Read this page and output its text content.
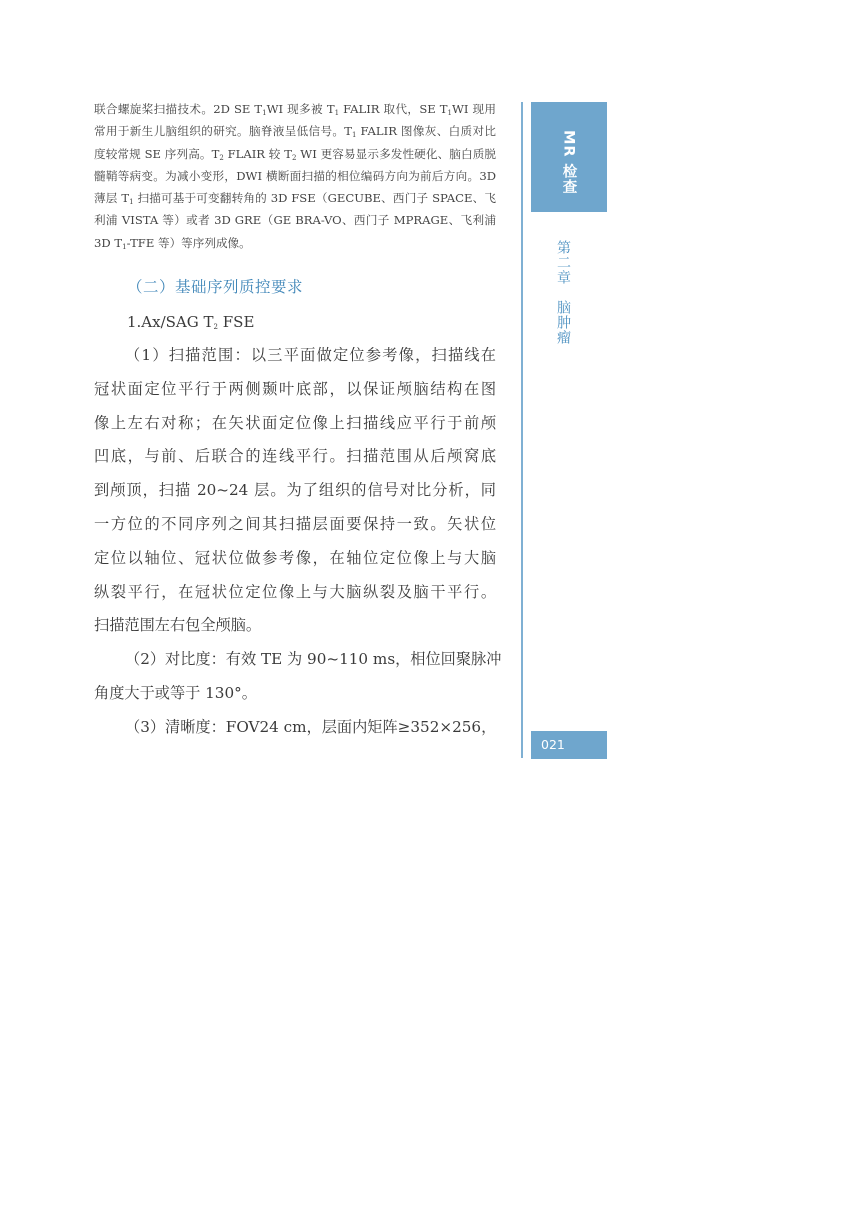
联合螺旋桨扫描技术。2D SE $T_1WI$ 现多被 $T_1$ FALIR 取代，SE $T_1WI$ 现用常用于新生儿脑组织的研究。脑脊液呈低信号。$T_1$ FALIR 图像灰、白质对比度较常规 SE 序列高。$T_2$ FLAIR 较 $T_2$ WI 更容易显示多发性硬化、脑白质脱髓鞘等病变。为减小变形，DWI 横断面扫描的相位编码方向为前后方向。3D 薄层 $T_1$ 扫描可基于可变翻转角的 3D FSE（GECUBE、西门子 SPACE、飞利浦 VISTA 等）或者 3D GRE（GE BRA-VO、西门子 MPRAGE、飞利浦 3D $T_1$-TFE 等）等序列成像。
（二）基础序列质控要求
1.Ax/SAG $T_2$ FSE
（1）扫描范围：以三平面做定位参考像，扫描线在
冠状面定位平行于两侧颞叶底部，以保证颅脑结构在图
像上左右对称；在矢状面定位像上扫描线应平行于前颅
凹底，与前、后联合的连线平行。扫描范围从后颅窝底
到颅顶，扫描 20~24 层。为了组织的信号对比分析，同
一方位的不同序列之间其扫描层面要保持一致。矢状位
定位以轴位、冠状位做参考像，在轴位定位像上与大脑
纵裂平行，在冠状位定位像上与大脑纵裂及脑干平行。
扫描范围左右包全颅脑。
（2）对比度：有效 TE 为 90~110 ms，相位回聚脉冲
角度大于或等于 130°。
（3）清晰度：FOV24 cm，层面内矩阵≥352×256，
MR 检查
第二章　脑肿瘤
021
